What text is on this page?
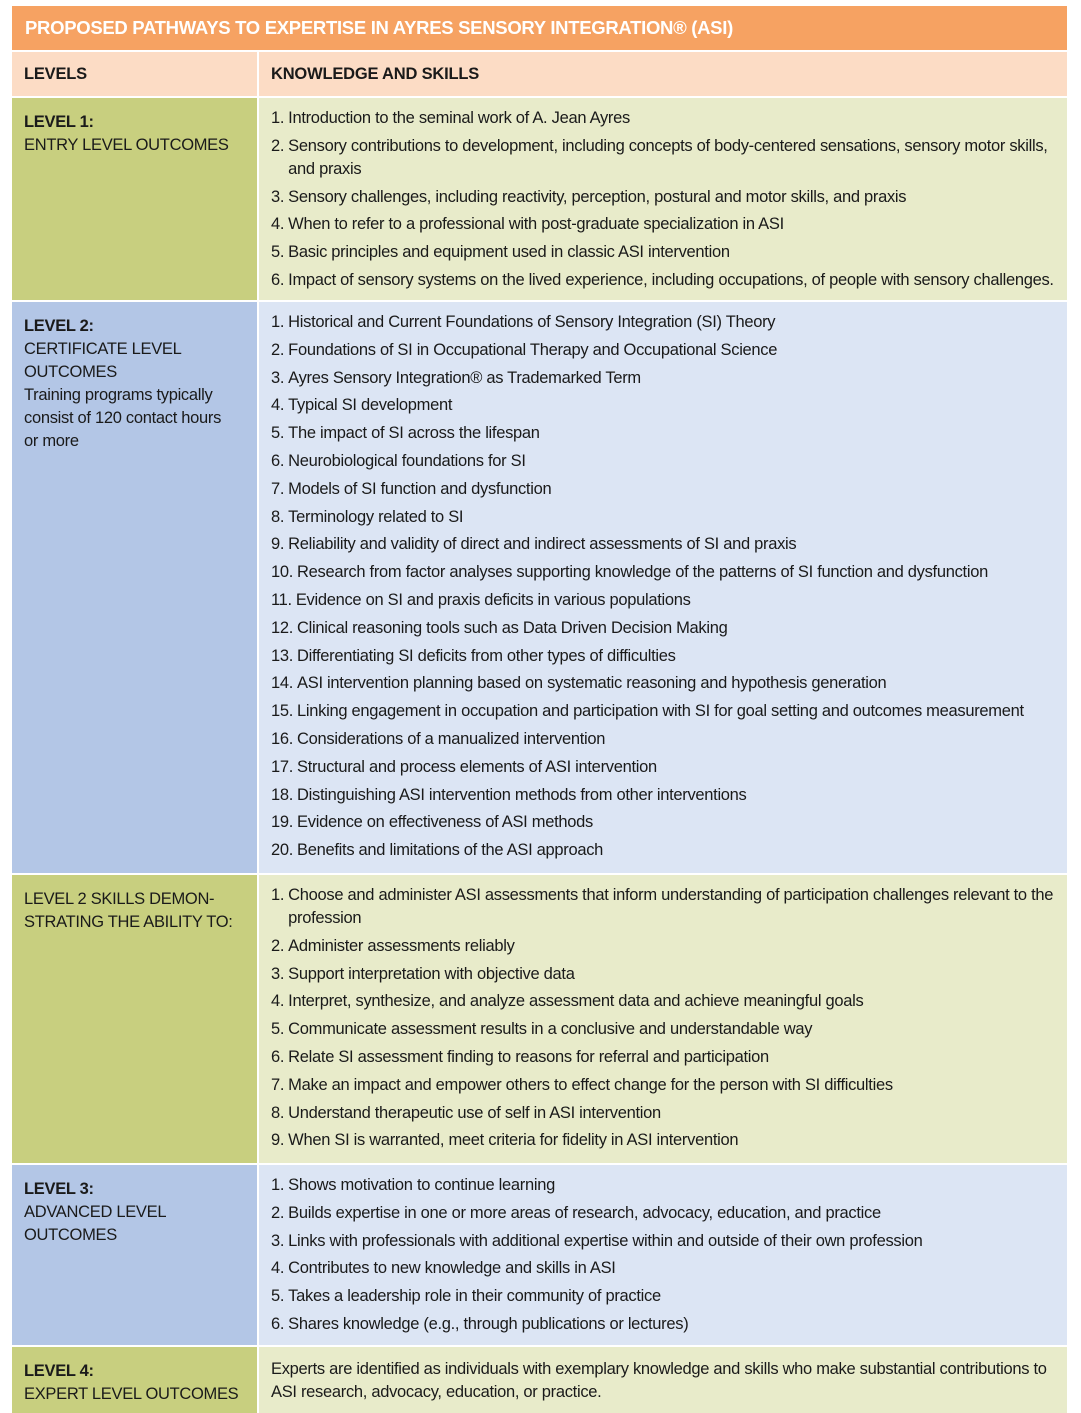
PROPOSED PATHWAYS TO EXPERTISE IN AYRES SENSORY INTEGRATION® (ASI)
LEVELS	KNOWLEDGE AND SKILLS
LEVEL 1:
ENTRY LEVEL OUTCOMES
1. Introduction to the seminal work of A. Jean Ayres
2. Sensory contributions to development, including concepts of body-centered sensations, sensory motor skills, and praxis
3. Sensory challenges, including reactivity, perception, postural and motor skills, and praxis
4. When to refer to a professional with post-graduate specialization in ASI
5. Basic principles and equipment used in classic ASI intervention
6. Impact of sensory systems on the lived experience, including occupations, of people with sensory challenges.
LEVEL 2:
CERTIFICATE LEVEL
OUTCOMES
Training programs typically
consist of 120 contact hours
or more
1. Historical and Current Foundations of Sensory Integration (SI) Theory
2. Foundations of SI in Occupational Therapy and Occupational Science
3. Ayres Sensory Integration® as Trademarked Term
4. Typical SI development
5. The impact of SI across the lifespan
6. Neurobiological foundations for SI
7. Models of SI function and dysfunction
8. Terminology related to SI
9. Reliability and validity of direct and indirect assessments of SI and praxis
10. Research from factor analyses supporting knowledge of the patterns of SI function and dysfunction
11. Evidence on SI and praxis deficits in various populations
12. Clinical reasoning tools such as Data Driven Decision Making
13. Differentiating SI deficits from other types of difficulties
14. ASI intervention planning based on systematic reasoning and hypothesis generation
15. Linking engagement in occupation and participation with SI for goal setting and outcomes measurement
16. Considerations of a manualized intervention
17. Structural and process elements of ASI intervention
18. Distinguishing ASI intervention methods from other interventions
19. Evidence on effectiveness of ASI methods
20. Benefits and limitations of the ASI approach
LEVEL 2 SKILLS DEMON-
STRATING THE ABILITY TO:
1. Choose and administer ASI assessments that inform understanding of participation challenges relevant to the profession
2. Administer assessments reliably
3. Support interpretation with objective data
4. Interpret, synthesize, and analyze assessment data and achieve meaningful goals
5. Communicate assessment results in a conclusive and understandable way
6. Relate SI assessment finding to reasons for referral and participation
7. Make an impact and empower others to effect change for the person with SI difficulties
8. Understand therapeutic use of self in ASI intervention
9. When SI is warranted, meet criteria for fidelity in ASI intervention
LEVEL 3:
ADVANCED LEVEL OUTCOMES
1. Shows motivation to continue learning
2. Builds expertise in one or more areas of research, advocacy, education, and practice
3. Links with professionals with additional expertise within and outside of their own profession
4. Contributes to new knowledge and skills in ASI
5. Takes a leadership role in their community of practice
6. Shares knowledge (e.g., through publications or lectures)
LEVEL 4:
EXPERT LEVEL OUTCOMES
Experts are identified as individuals with exemplary knowledge and skills who make substantial contributions to ASI research, advocacy, education, or practice.
